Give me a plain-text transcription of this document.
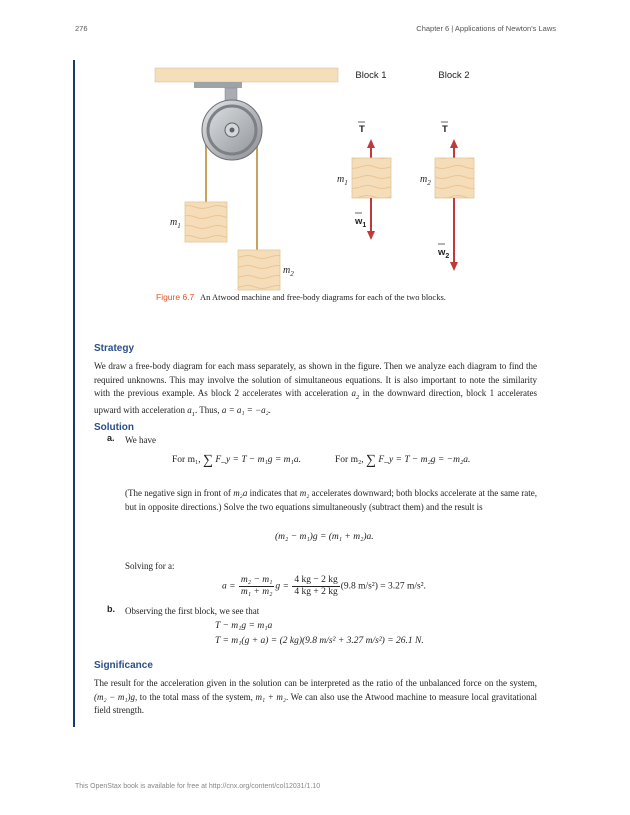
276	Chapter 6 | Applications of Newton's Laws
$m_1$
$m_2$
Block 1	Block 2
T
$m_1$
$w_1$
T
$m_2$
$w_2$
Figure 6.7 An Atwood machine and free-body diagrams for each of the two blocks.
Strategy
We draw a free-body diagram for each mass separately, as shown in the figure. Then we analyze each diagram to find the required unknowns. This may involve the solution of simultaneous equations. It is also important to note the similarity with the previous example. As block 2 accelerates with acceleration $a_2$ in the downward direction, block 1 accelerates upward with acceleration $a_1$. Thus, a = a₁ = −a₂.
Solution
a. We have
For m₁, ∑ F_y = T − m₁g = m₁a.	For m₂, ∑ F_y = T − m₂g = −m₂a.
(The negative sign in front of m₂a indicates that m₂ accelerates downward; both blocks accelerate at the same rate, but in opposite directions.) Solve the two equations simultaneously (subtract them) and the result is
(m₂ − m₁)g = (m₁ + m₂)a.
Solving for a:
$a = \frac{\text{m₂ − m₁}}{\text{m₁ + m₂}}$ $g = \frac{4 kg - 2 kg}{4 kg + 2 kg} (9.8$ m/s²) = 3.27 m/s².
b. Observing the first block, we see that
T − m₁g = m₁a
T = m₁(g + a) = (2 kg)(9.8 m/s² + 3.27 m/s²) = 26.1 N.
Significance
The result for the acceleration given in the solution can be interpreted as the ratio of the unbalanced force on the system, (m₂ − m₁)g, to the total mass of the system, m₁ + m₂. We can also use the Atwood machine to measure local gravitational field strength.
This OpenStax book is available for free at http://cnx.org/content/col12031/1.10
